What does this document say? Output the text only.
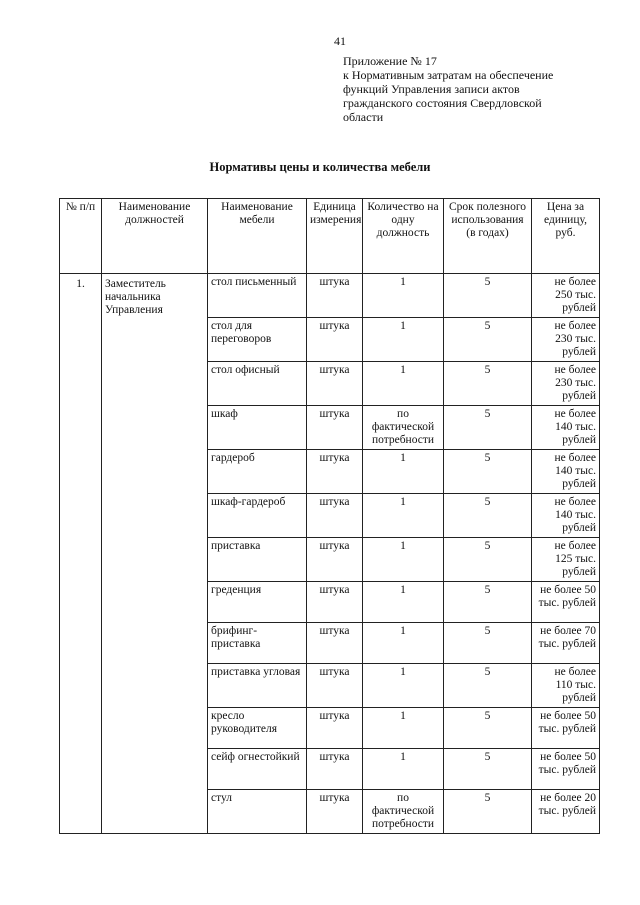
41
Приложение № 17
к Нормативным затратам на обеспечение
функций Управления записи актов
гражданского состояния Свердловской
области
Нормативы цены и количества мебели
№ п/п	Наименование должностей	Наименование мебели	Единица измерения	Количество на одну должность	Срок полезного использования (в годах)	Цена за единицу, руб.
1.	Заместитель начальника Управления	стол письменный	штука	1	5	не более 250 тыс. рублей
		стол для переговоров	штука	1	5	не более 230 тыс. рублей
		стол офисный	штука	1	5	не более 230 тыс. рублей
		шкаф	штука	по фактической потребности	5	не более 140 тыс. рублей
		гардероб	штука	1	5	не более 140 тыс. рублей
		шкаф-гардероб	штука	1	5	не более 140 тыс. рублей
		приставка	штука	1	5	не более 125 тыс. рублей
		греденция	штука	1	5	не более 50 тыс. рублей
		брифинг-приставка	штука	1	5	не более 70 тыс. рублей
		приставка угловая	штука	1	5	не более 110 тыс. рублей
		кресло руководителя	штука	1	5	не более 50 тыс. рублей
		сейф огнестойкий	штука	1	5	не более 50 тыс. рублей
		стул	штука	по фактической потребности	5	не более 20 тыс. рублей
